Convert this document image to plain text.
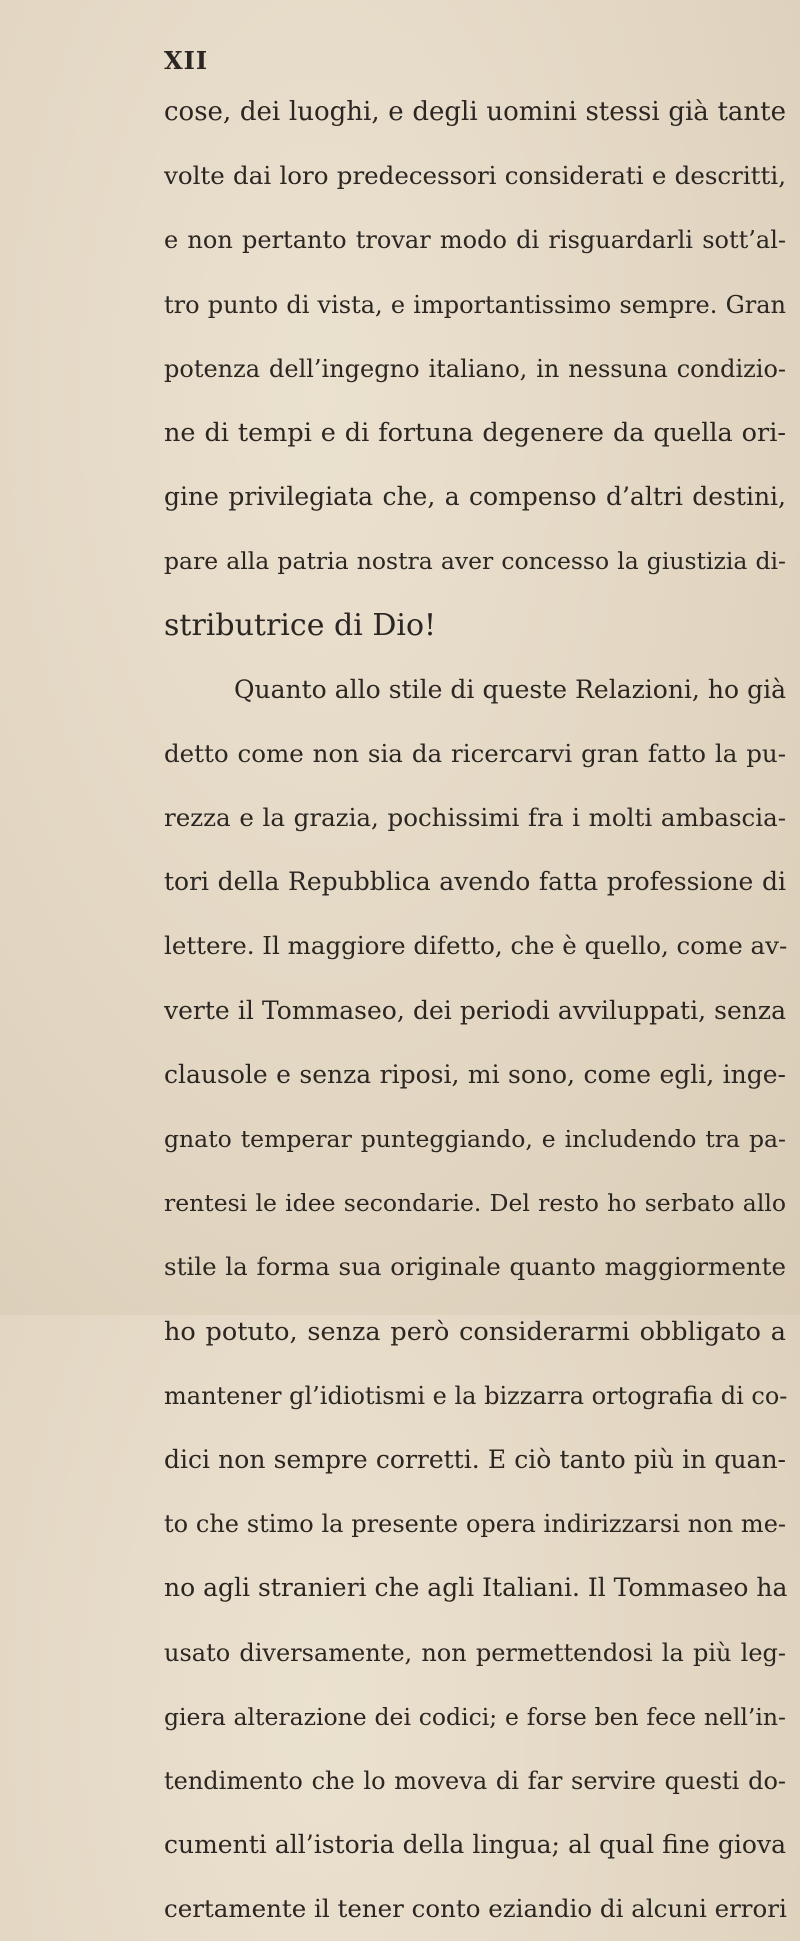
XII
cose, dei luoghi, e degli uomini stessi già tante
volte dai loro predecessori considerati e descritti,
e non pertanto trovar modo di risguardarli sott’al-
tro punto di vista, e importantissimo sempre. Gran
potenza dell’ingegno italiano, in nessuna condizio-
ne di tempi e di fortuna degenere da quella ori-
gine privilegiata che, a compenso d’altri destini,
pare alla patria nostra aver concesso la giustizia di-
stributrice di Dio!
Quanto allo stile di queste Relazioni, ho già
detto come non sia da ricercarvi gran fatto la pu-
rezza e la grazia, pochissimi fra i molti ambascia-
tori della Repubblica avendo fatta professione di
lettere. Il maggiore difetto, che è quello, come av-
verte il Tommaseo, dei periodi avviluppati, senza
clausole e senza riposi, mi sono, come egli, inge-
gnato temperar punteggiando, e includendo tra pa-
rentesi le idee secondarie. Del resto ho serbato allo
stile la forma sua originale quanto maggiormente
ho potuto, senza però considerarmi obbligato a
mantener gl’idiotismi e la bizzarra ortografia di co-
dici non sempre corretti. E ciò tanto più in quan-
to che stimo la presente opera indirizzarsi non me-
no agli stranieri che agli Italiani. Il Tommaseo ha
usato diversamente, non permettendosi la più leg-
giera alterazione dei codici; e forse ben fece nell’in-
tendimento che lo moveva di far servire questi do-
cumenti all’istoria della lingua; al qual fine giova
certamente il tener conto eziandio di alcuni errori
